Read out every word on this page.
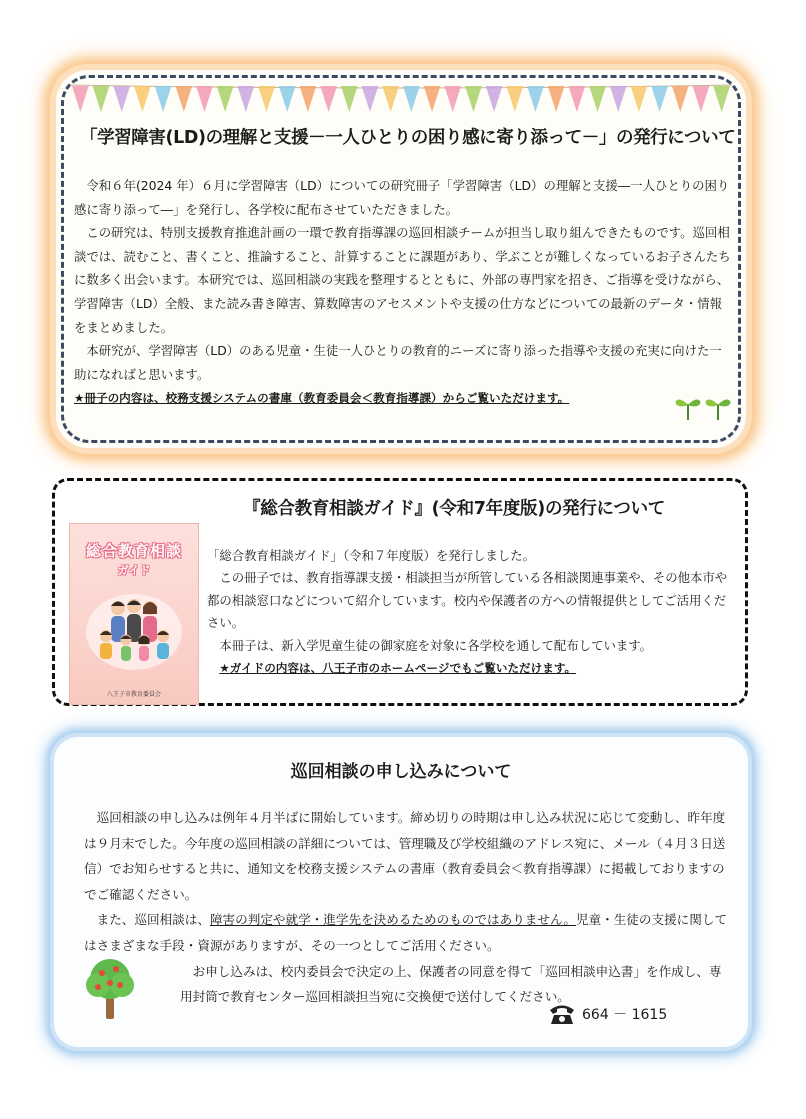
「学習障害(LD)の理解と支援－一人ひとりの困り感に寄り添って－」の発行について

　令和６年(2024 年）６月に学習障害（LD）についての研究冊子「学習障害（LD）の理解と支援―一人ひとりの困り感に寄り添って―」を発行し、各学校に配布させていただきました。

　この研究は、特別支援教育推進計画の一環で教育指導課の巡回相談チームが担当し取り組んできたものです。巡回相談では、読むこと、書くこと、推論すること、計算することに課題があり、学ぶことが難しくなっているお子さんたちに数多く出会います。本研究では、巡回相談の実践を整理するとともに、外部の専門家を招き、ご指導を受けながら、学習障害（LD）全般、また読み書き障害、算数障害のアセスメントや支援の仕方などについての最新のデータ・情報をまとめました。

　本研究が、学習障害（LD）のある児童・生徒一人ひとりの教育的ニーズに寄り添った指導や支援の充実に向けた一助になればと思います。

★冊子の内容は、校務支援システムの書庫（教育委員会＜教育指導課）からご覧いただけます。

『総合教育相談ガイド』(令和7年度版)の発行について
総合教育相談
ガイド
八王子市教育委員会

「総合教育相談ガイド」（令和７年度版）を発行しました。

　この冊子では、教育指導課支援・相談担当が所管している各相談関連事業や、その他本市や都の相談窓口などについて紹介しています。校内や保護者の方への情報提供としてご活用ください。

　本冊子は、新入学児童生徒の御家庭を対象に各学校を通して配布しています。

　★ガイドの内容は、八王子市のホームページでもご覧いただけます。

巡回相談の申し込みについて

　巡回相談の申し込みは例年４月半ばに開始しています。締め切りの時期は申し込み状況に応じて変動し、昨年度は９月末でした。今年度の巡回相談の詳細については、管理職及び学校組織のアドレス宛に、メール（４月３日送信）でお知らせすると共に、通知文を校務支援システムの書庫（教育委員会＜教育指導課）に掲載しておりますのでご確認ください。

　また、巡回相談は、障害の判定や就学・進学先を決めるためのものではありません。児童・生徒の支援に関してはさまざまな手段・資源がありますが、その一つとしてご活用ください。

　お申し込みは、校内委員会で決定の上、保護者の同意を得て「巡回相談申込書」を作成し、専用封筒で教育センター巡回相談担当宛に交換便で送付してください。

664 － 1615
